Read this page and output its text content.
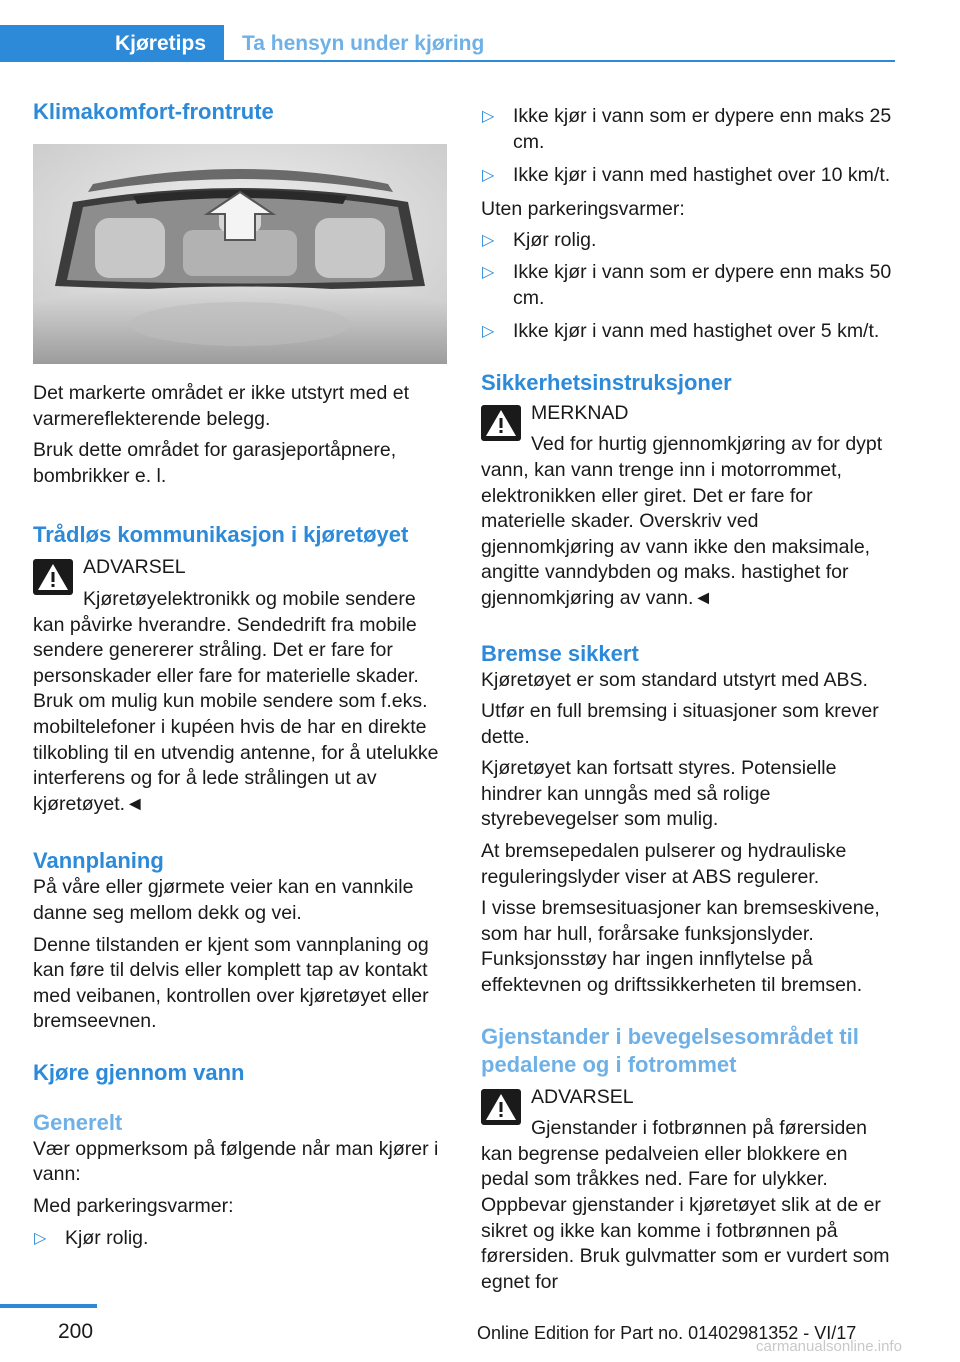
Kjøretips Ta hensyn under kjøring
Klimakomfort-frontrute

Det markerte området er ikke utstyrt med et varmereflekterende belegg.

Bruk dette området for garasjeportåpnere, bombrikker e. l.

Trådløs kommunikasjon i kjøretøyet
ADVARSEL

Kjøretøyelektronikk og mobile sendere kan påvirke hverandre. Sendedrift fra mobile sendere genererer stråling. Det er fare for personskader eller fare for materielle skader. Bruk om mulig kun mobile sendere som f.eks. mobiltelefoner i kupéen hvis de har en direkte tilkobling til en utvendig antenne, for å utelukke interferens og for å lede strålingen ut av kjøretøyet.◄

Vannplaning

På våre eller gjørmete veier kan en vannkile danne seg mellom dekk og vei.

Denne tilstanden er kjent som vannplaning og kan føre til delvis eller komplett tap av kontakt med veibanen, kontrollen over kjøretøyet eller bremseevnen.

Kjøre gjennom vann
Generelt

Vær oppmerksom på følgende når man kjører i vann:

Med parkeringsvarmer:

▷ Kjør rolig.
▷ Ikke kjør i vann som er dypere enn maks 25 cm.
▷ Ikke kjør i vann med hastighet over 10 km/t.

Uten parkeringsvarmer:

▷ Kjør rolig.
▷ Ikke kjør i vann som er dypere enn maks 50 cm.
▷ Ikke kjør i vann med hastighet over 5 km/t.
Sikkerhetsinstruksjoner
MERKNAD

Ved for hurtig gjennomkjøring av for dypt vann, kan vann trenge inn i motorrommet, elektronikken eller giret. Det er fare for materielle skader. Overskriv ved gjennomkjøring av vann ikke den maksimale, angitte vanndybden og maks. hastighet for gjennomkjøring av vann.◄

Bremse sikkert

Kjøretøyet er som standard utstyrt med ABS.

Utfør en full bremsing i situasjoner som krever dette.

Kjøretøyet kan fortsatt styres. Potensielle hindrer kan unngås med så rolige styrebevegelser som mulig.

At bremsepedalen pulserer og hydrauliske reguleringslyder viser at ABS regulerer.

I visse bremsesituasjoner kan bremseskivene, som har hull, forårsake funksjonslyder. Funksjonsstøy har ingen innflytelse på effektevnen og driftssikkerheten til bremsen.

Gjenstander i bevegelsesområdet til pedalene og i fotrommet
ADVARSEL

Gjenstander i fotbrønnen på førersiden kan begrense pedalveien eller blokkere en pedal som tråkkes ned. Fare for ulykker. Oppbevar gjenstander i kjøretøyet slik at de er sikret og ikke kan komme i fotbrønnen på førersiden. Bruk gulvmatter som er vurdert som egnet for

200	Online Edition for Part no. 01402981352 - VI/17
carmanualsonline.info
